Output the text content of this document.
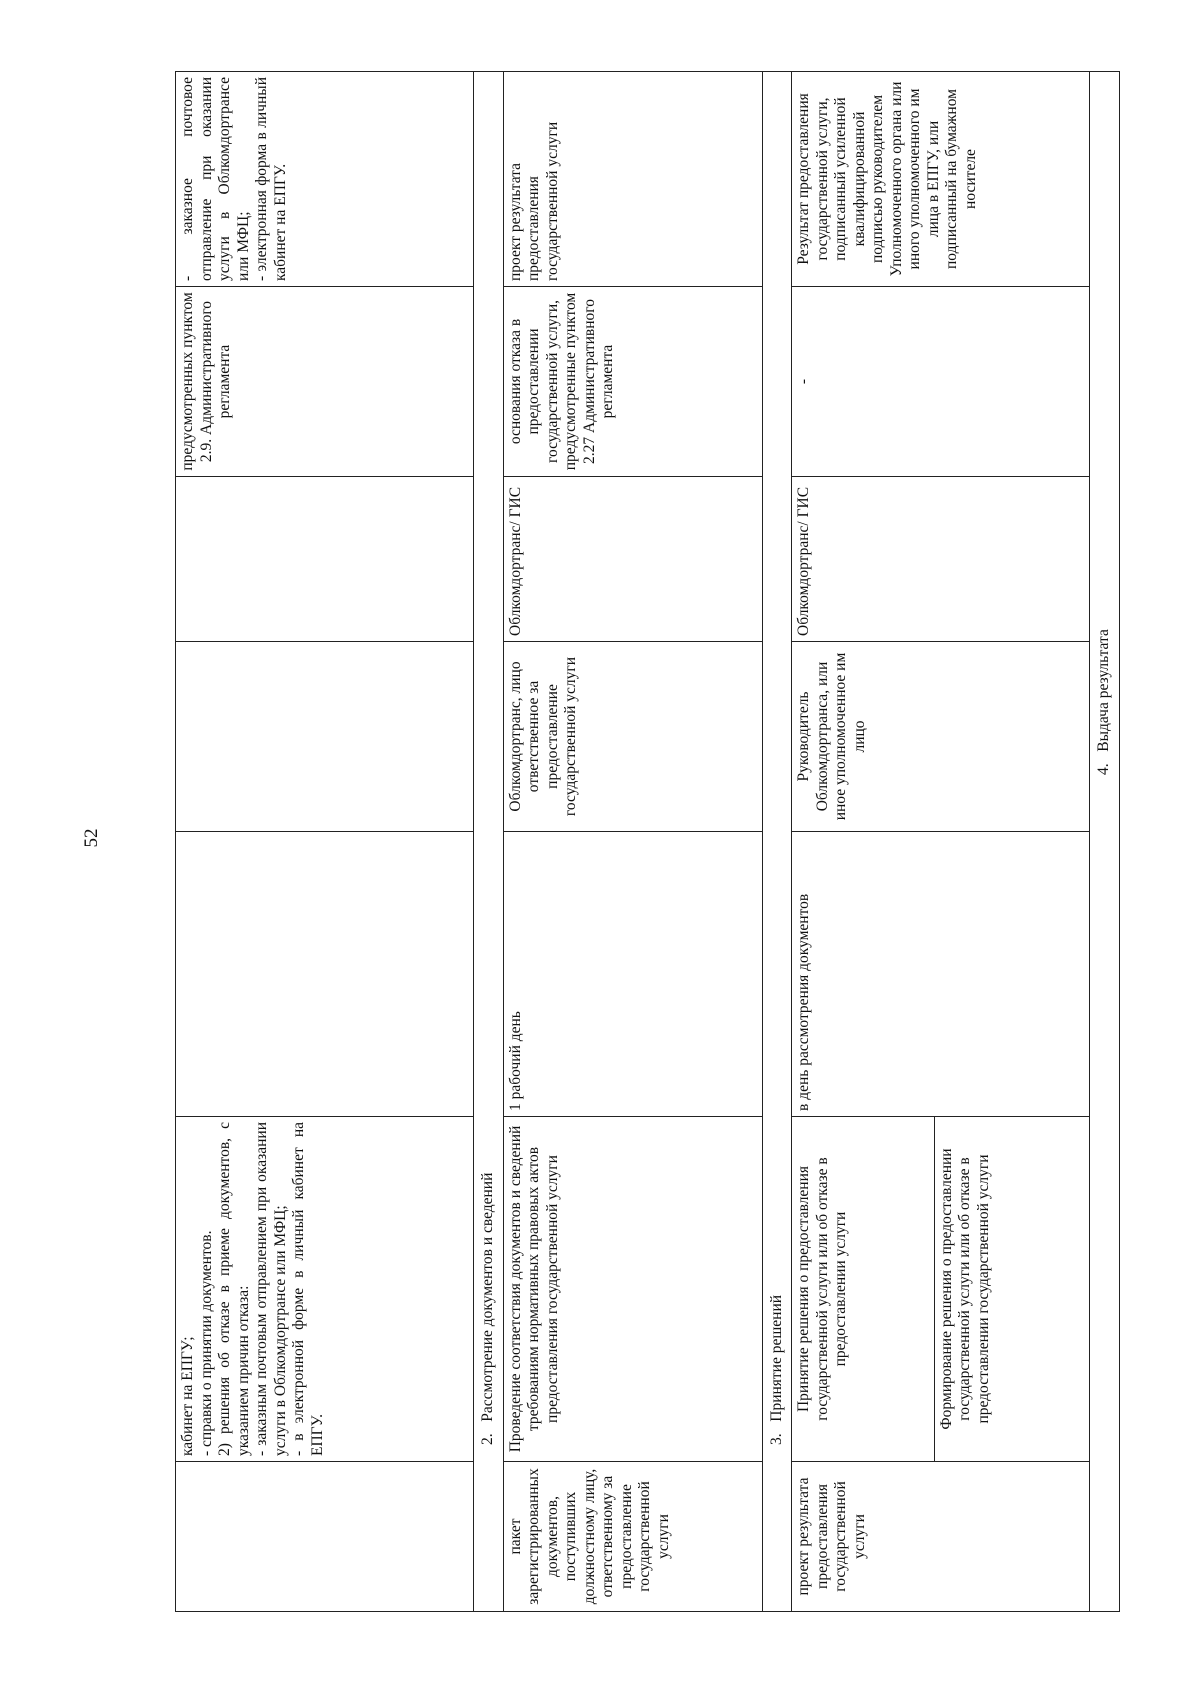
52
	кабинет на ЕПГУ;
- справки о принятии документов.
2) решения об отказе в приеме документов, с указанием причин отказа:
- заказным почтовым отправлением при оказании услуги в Облкомдортрансе или МФЦ;
- в электронной форме в личный кабинет на ЕПГУ.				предусмотренных пунктом 2.9. Административного регламента	- заказное почтовое отправление при оказании услуги в Облкомдортрансе или МФЦ;
- электронная форма в личный кабинет на ЕПГУ.
2.   Рассмотрение документов и сведений						
пакет зарегистрированных документов, поступивших должностному лицу, ответственному за предоставление государственной услуги	Проведение соответствия документов и сведений требованиям нормативных правовых актов предоставления государственной услуги	1 рабочий день	Облкомдортранс, лицо ответственное за предоставление государственной услуги	Облкомдортранс/ ГИС	основания отказа в предоставлении государственной услуги, предусмотренные пунктом 2.27 Административного регламента	проект результата предоставления государственной услуги
3.   Принятие решений						
проект результата предоставления государственной услуги	Принятие решения о предоставления государственной услуги или об отказе в предоставлении услуги	в день рассмотрения документов	Руководитель Облкомдортранса, или иное уполномоченное им лицо	Облкомдортранс/ ГИС	-	Результат предоставления государственной услуги, подписанный усиленной квалифицированной подписью руководителем Уполномоченного органа или иного уполномоченного им лица в ЕПГУ, или подписанный на бумажном носителе
	Формирование решения о предоставлении государственной услуги или об отказе в предоставлении государственной услуги					
4.   Выдача результата						
